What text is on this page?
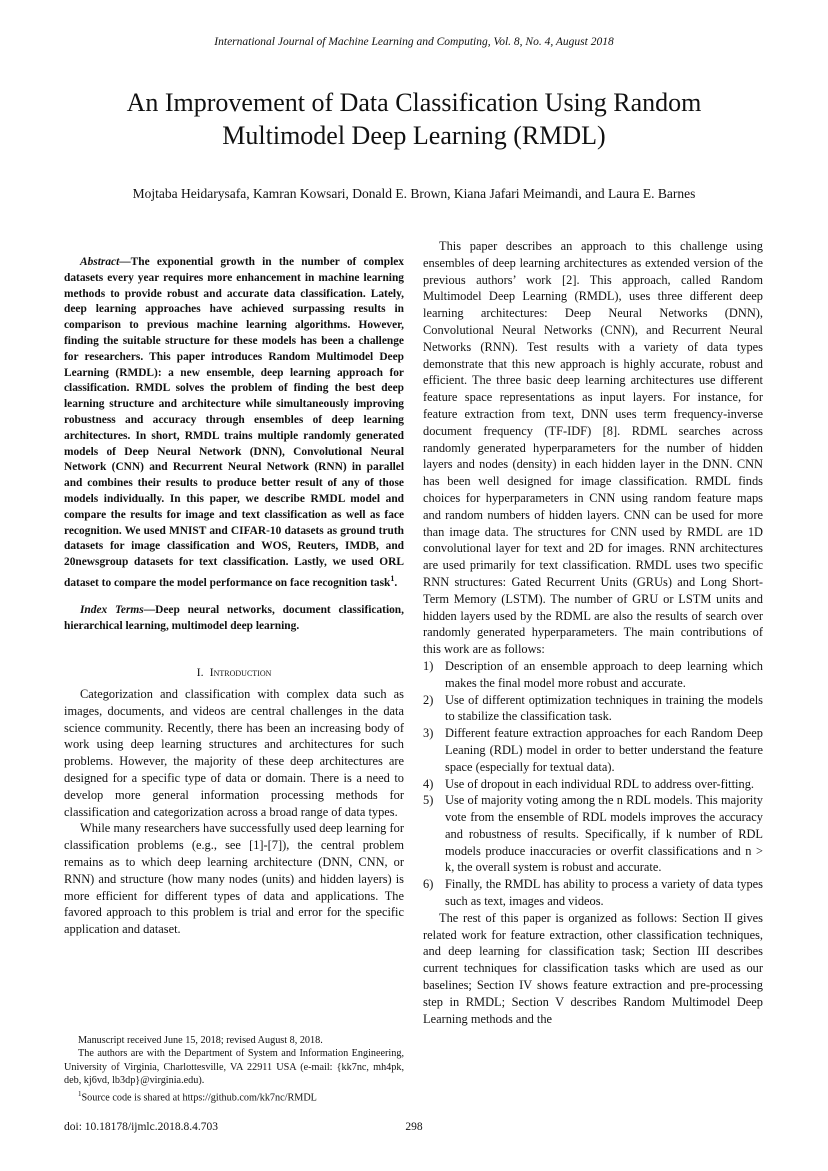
International Journal of Machine Learning and Computing, Vol. 8, No. 4, August 2018
An Improvement of Data Classification Using Random
Multimodel Deep Learning (RMDL)
Mojtaba Heidarysafa, Kamran Kowsari, Donald E. Brown, Kiana Jafari Meimandi, and Laura E. Barnes
Abstract—The exponential growth in the number of complex datasets every year requires more enhancement in machine learning methods to provide robust and accurate data classification. Lately, deep learning approaches have achieved surpassing results in comparison to previous machine learning algorithms. However, finding the suitable structure for these models has been a challenge for researchers. This paper introduces Random Multimodel Deep Learning (RMDL): a new ensemble, deep learning approach for classification. RMDL solves the problem of finding the best deep learning structure and architecture while simultaneously improving robustness and accuracy through ensembles of deep learning architectures. In short, RMDL trains multiple randomly generated models of Deep Neural Network (DNN), Convolutional Neural Network (CNN) and Recurrent Neural Network (RNN) in parallel and combines their results to produce better result of any of those models individually. In this paper, we describe RMDL model and compare the results for image and text classification as well as face recognition. We used MNIST and CIFAR-10 datasets as ground truth datasets for image classification and WOS, Reuters, IMDB, and 20newsgroup datasets for text classification. Lastly, we used ORL dataset to compare the model performance on face recognition task$^1$.
Index Terms—Deep neural networks, document classification, hierarchical learning, multimodel deep learning.
I. Introduction

Categorization and classification with complex data such as images, documents, and videos are central challenges in the data science community. Recently, there has been an increasing body of work using deep learning structures and architectures for such problems. However, the majority of these deep architectures are designed for a specific type of data or domain. There is a need to develop more general information processing methods for classification and categorization across a broad range of data types.

While many researchers have successfully used deep learning for classification problems (e.g., see [1]-[7]), the central problem remains as to which deep learning architecture (DNN, CNN, or RNN) and structure (how many nodes (units) and hidden layers) is more efficient for different types of data and applications. The favored approach to this problem is trial and error for the specific application and dataset.

Manuscript received June 15, 2018; revised August 8, 2018.

The authors are with the Department of System and Information Engineering, University of Virginia, Charlottesville, VA 22911 USA (e-mail: {kk7nc, mh4pk, deb, kj6vd, lb3dp}@virginia.edu).

$^1$Source code is shared at https://github.com/kk7nc/RMDL

This paper describes an approach to this challenge using ensembles of deep learning architectures as extended version of the previous authors’ work [2]. This approach, called Random Multimodel Deep Learning (RMDL), uses three different deep learning architectures: Deep Neural Networks (DNN), Convolutional Neural Networks (CNN), and Recurrent Neural Networks (RNN). Test results with a variety of data types demonstrate that this new approach is highly accurate, robust and efficient. The three basic deep learning architectures use different feature space representations as input layers. For instance, for feature extraction from text, DNN uses term frequency-inverse document frequency (TF-IDF) [8]. RDML searches across randomly generated hyperparameters for the number of hidden layers and nodes (density) in each hidden layer in the DNN. CNN has been well designed for image classification. RMDL finds choices for hyperparameters in CNN using random feature maps and random numbers of hidden layers. CNN can be used for more than image data. The structures for CNN used by RMDL are 1D convolutional layer for text and 2D for images. RNN architectures are used primarily for text classification. RMDL uses two specific RNN structures: Gated Recurrent Units (GRUs) and Long Short-Term Memory (LSTM). The number of GRU or LSTM units and hidden layers used by the RDML are also the results of search over randomly generated hyperparameters. The main contributions of this work are as follows:

1) Description of an ensemble approach to deep learning which makes the final model more robust and accurate.
2) Use of different optimization techniques in training the models to stabilize the classification task.
3) Different feature extraction approaches for each Random Deep Leaning (RDL) model in order to better understand the feature space (especially for textual data).
4) Use of dropout in each individual RDL to address over-fitting.
5) Use of majority voting among the n RDL models. This majority vote from the ensemble of RDL models improves the accuracy and robustness of results. Specifically, if k number of RDL models produce inaccuracies or overfit classifications and n > k, the overall system is robust and accurate.
6) Finally, the RMDL has ability to process a variety of data types such as text, images and videos.

The rest of this paper is organized as follows: Section II gives related work for feature extraction, other classification techniques, and deep learning for classification task; Section III describes current techniques for classification tasks which are used as our baselines; Section IV shows feature extraction and pre-processing step in RMDL; Section V describes Random Multimodel Deep Learning methods and the

doi: 10.18178/ijmlc.2018.8.4.703	298
